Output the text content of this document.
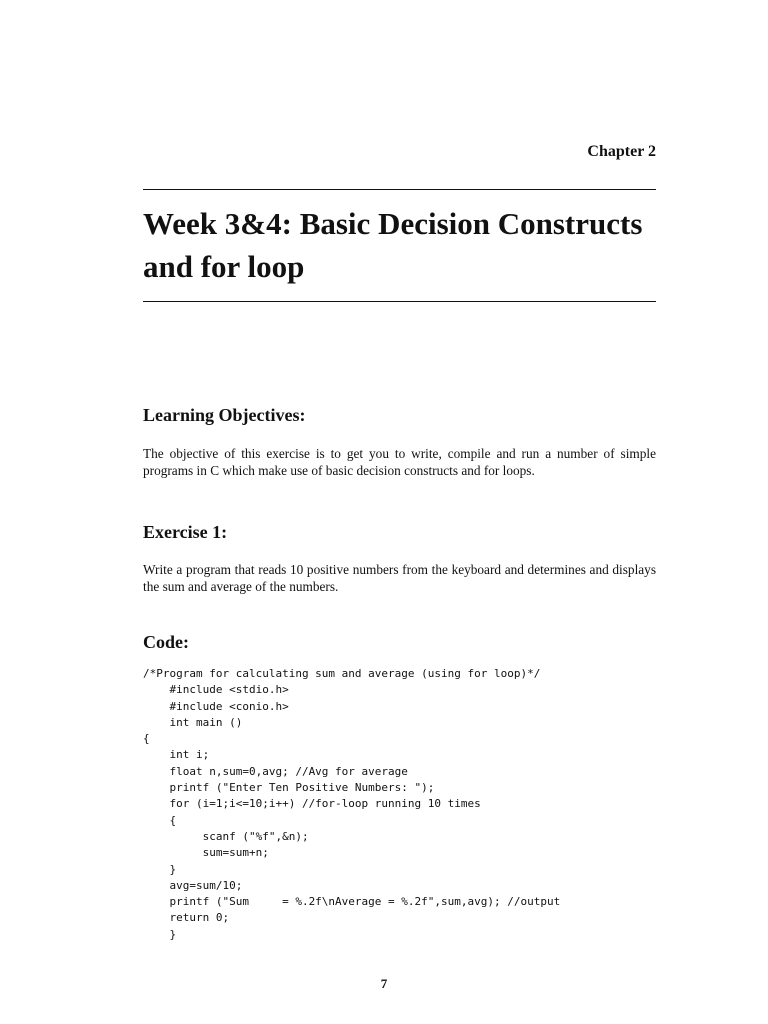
Chapter 2

Week 3&4: Basic Decision Constructs and for loop
Learning Objectives:

The objective of this exercise is to get you to write, compile and run a number of simple programs in C which make use of basic decision constructs and for loops.

Exercise 1:

Write a program that reads 10 positive numbers from the keyboard and determines and displays the sum and average of the numbers.

Code:
/*Program for calculating sum and average (using for loop)*/
#include <stdio.h>
#include <conio.h>
int main ()
{
int i;
float n,sum=0,avg; //Avg for average
printf ("Enter Ten Positive Numbers: ");
for (i=1;i<=10;i++) //for-loop running 10 times
{
scanf ("%f",&n);
sum=sum+n;
}
avg=sum/10;
printf ("Sum     = %.2f\nAverage = %.2f",sum,avg); //output
return 0;
}

7
